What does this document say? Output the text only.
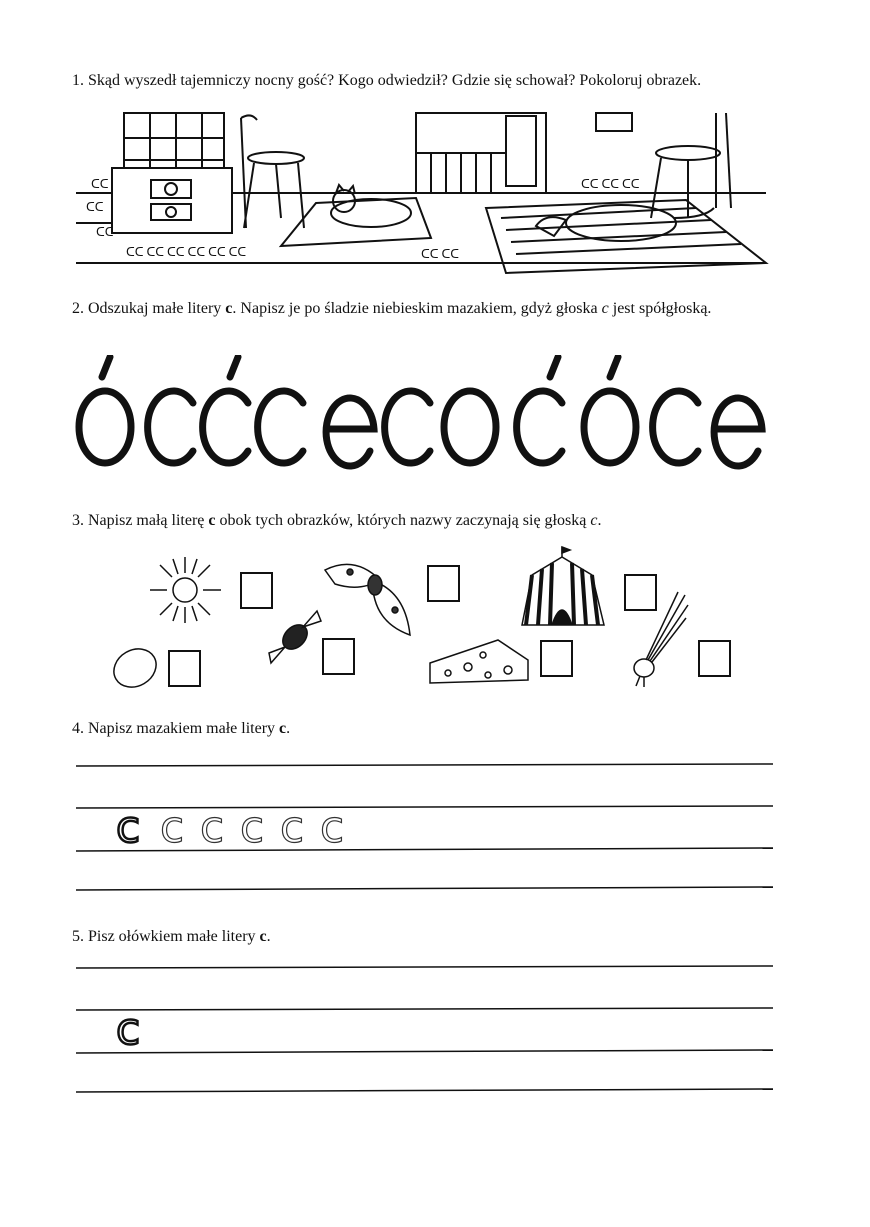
1. Skąd wyszedł tajemniczy nocny gość? Kogo odwiedził? Gdzie się schował? Pokoloruj obrazek.
ᑕᑕ
ᑕᑕ
ᑕᑕ
ᑕᑕ ᑕᑕ ᑕᑕ ᑕᑕ ᑕᑕ ᑕᑕ	ᑕᑕ ᑕᑕ
ᑕᑕ ᑕᑕ ᑕᑕ
2. Odszukaj małe litery c. Napisz je po śladzie niebieskim mazakiem, gdyż głoska c jest spółgłoską.
3. Napisz małą literę c obok tych obrazków, których nazwy zaczynają się głoską c.
4. Napisz mazakiem małe litery c.
c c c c c c
5. Pisz ołówkiem małe litery c.
c
